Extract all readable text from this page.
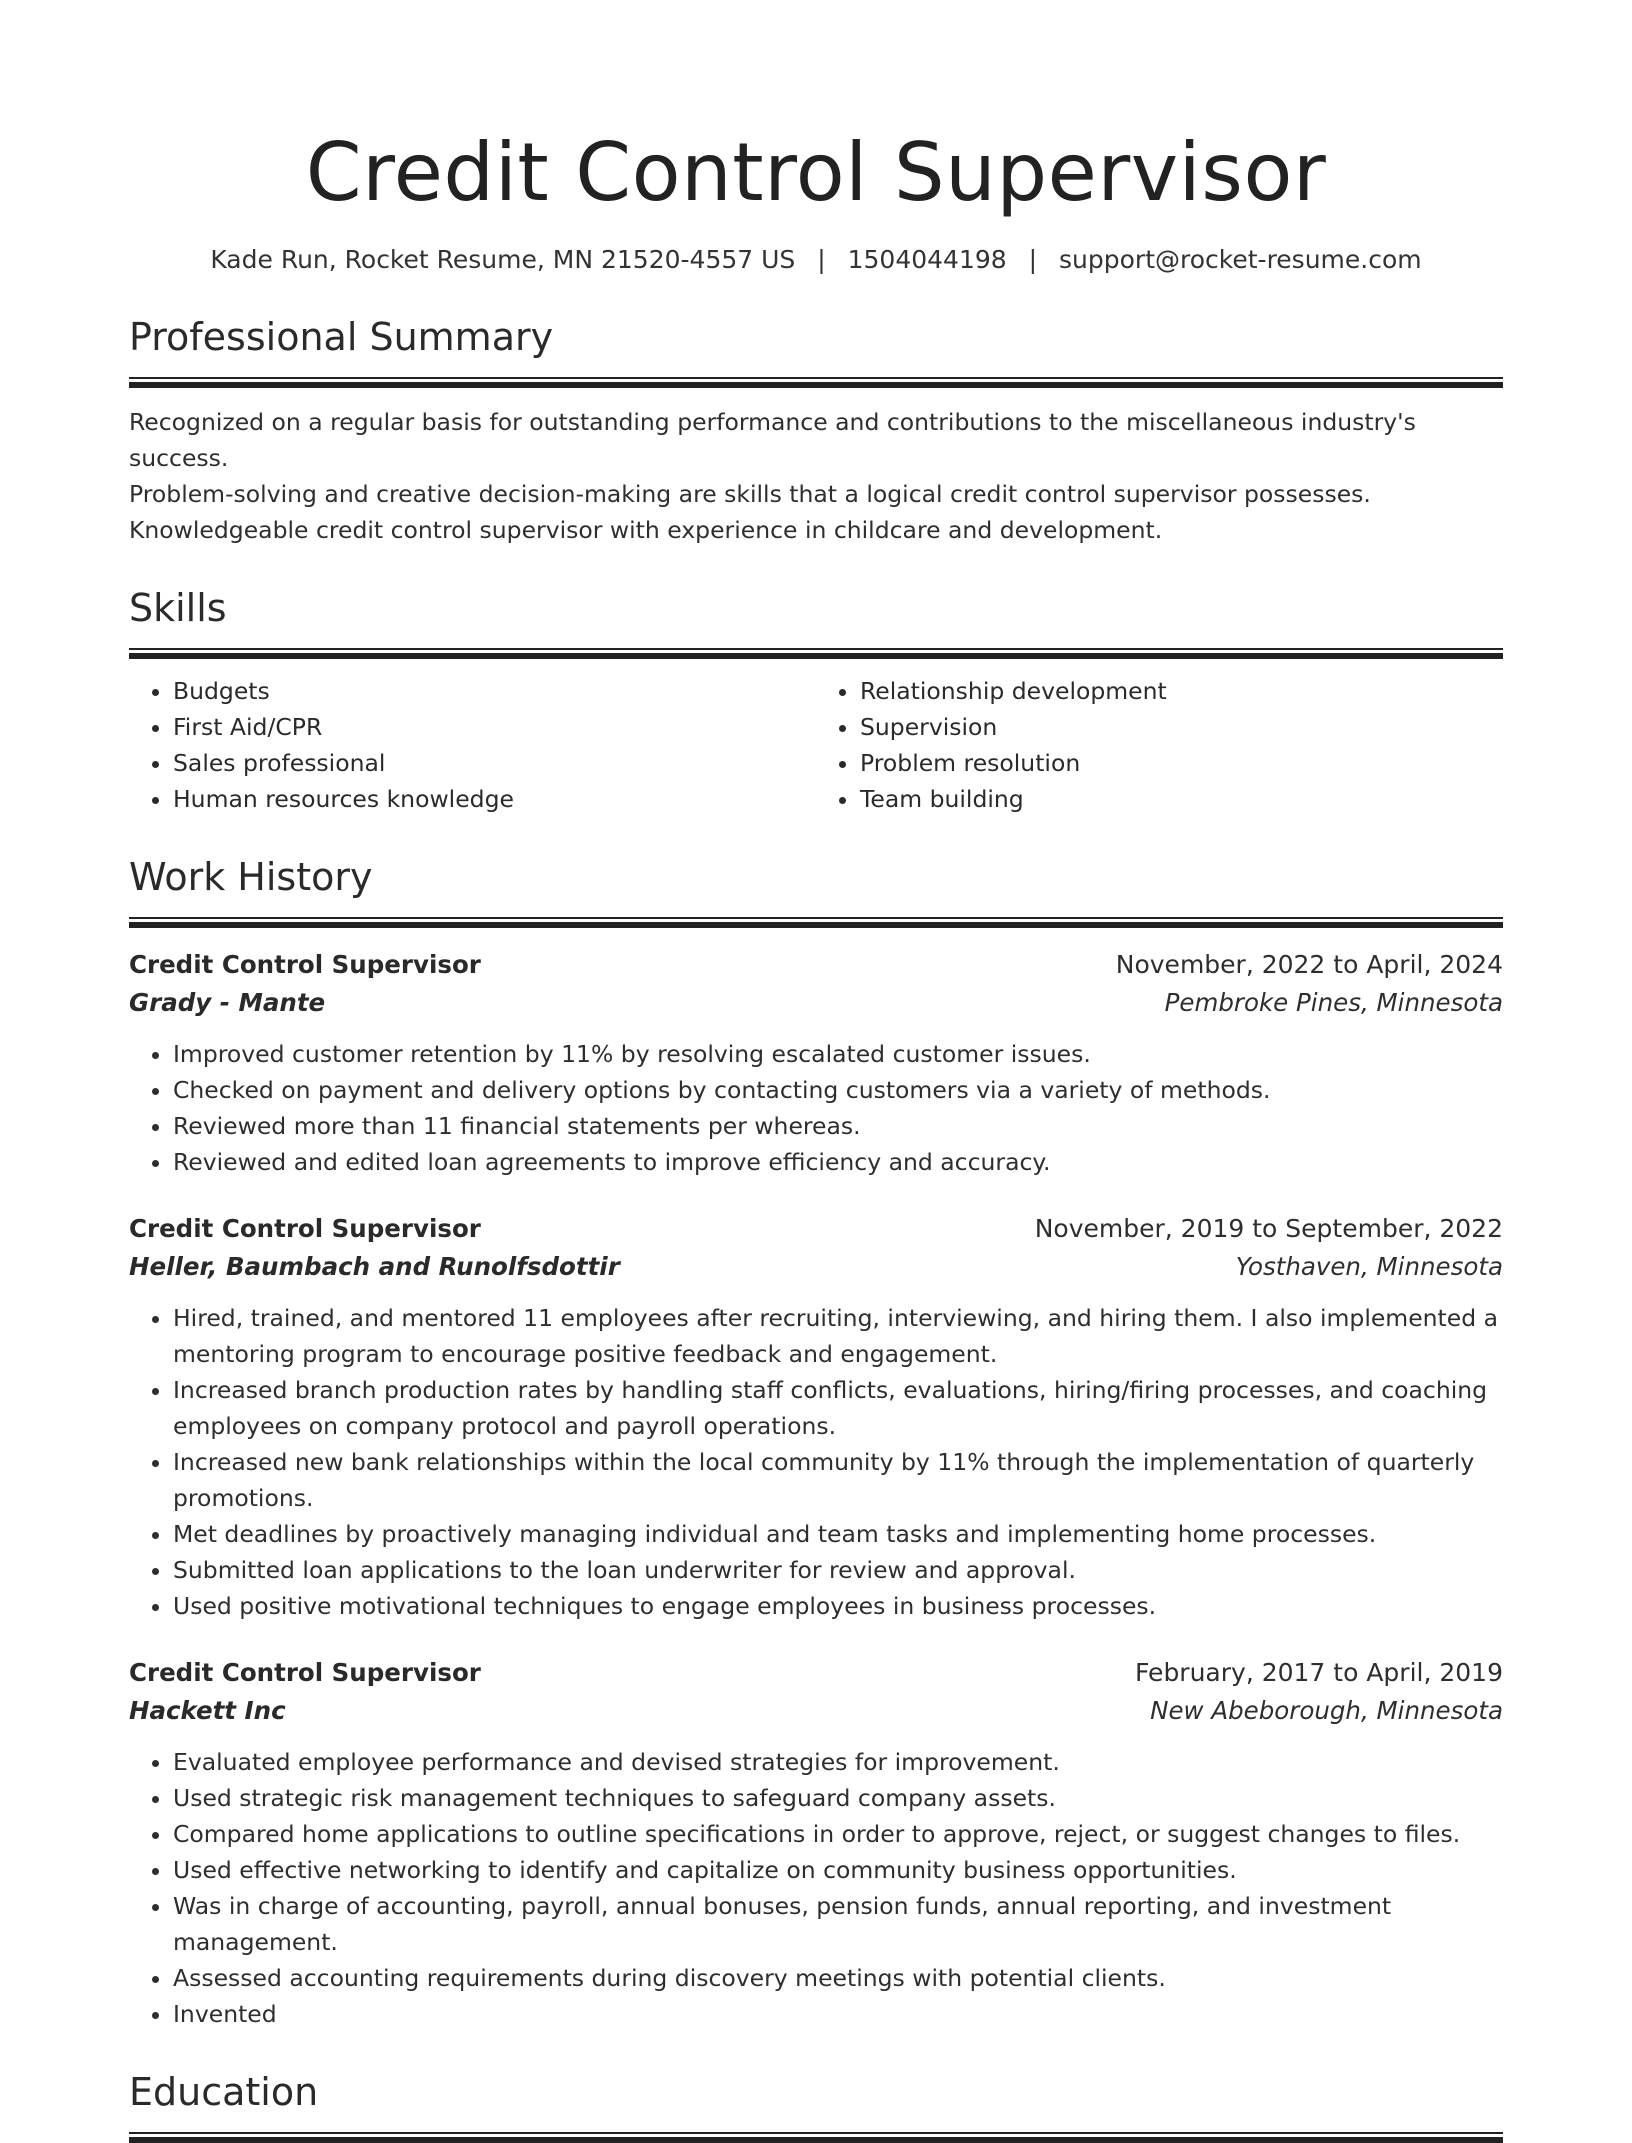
Credit Control Supervisor
Kade Run, Rocket Resume, MN 21520-4557 US | 1504044198 | support@rocket-resume.com
Professional Summary

Recognized on a regular basis for outstanding performance and contributions to the miscellaneous industry's success.

Problem-solving and creative decision-making are skills that a logical credit control supervisor possesses.

Knowledgeable credit control supervisor with experience in childcare and development.

Skills
• Budgets
• First Aid/CPR
• Sales professional
• Human resources knowledge
• Relationship development
• Supervision
• Problem resolution
• Team building
Work History
Credit Control Supervisor	November, 2022 to April, 2024
Grady - Mante	Pembroke Pines, Minnesota
• Improved customer retention by 11% by resolving escalated customer issues.
• Checked on payment and delivery options by contacting customers via a variety of methods.
• Reviewed more than 11 financial statements per whereas.
• Reviewed and edited loan agreements to improve efficiency and accuracy.
Credit Control Supervisor	November, 2019 to September, 2022
Heller, Baumbach and Runolfsdottir	Yosthaven, Minnesota
• Hired, trained, and mentored 11 employees after recruiting, interviewing, and hiring them. I also implemented a mentoring program to encourage positive feedback and engagement.
• Increased branch production rates by handling staff conflicts, evaluations, hiring/firing processes, and coaching employees on company protocol and payroll operations.
• Increased new bank relationships within the local community by 11% through the implementation of quarterly promotions.
• Met deadlines by proactively managing individual and team tasks and implementing home processes.
• Submitted loan applications to the loan underwriter for review and approval.
• Used positive motivational techniques to engage employees in business processes.
Credit Control Supervisor	February, 2017 to April, 2019
Hackett Inc	New Abeborough, Minnesota
• Evaluated employee performance and devised strategies for improvement.
• Used strategic risk management techniques to safeguard company assets.
• Compared home applications to outline specifications in order to approve, reject, or suggest changes to files.
• Used effective networking to identify and capitalize on community business opportunities.
• Was in charge of accounting, payroll, annual bonuses, pension funds, annual reporting, and investment management.
• Assessed accounting requirements during discovery meetings with potential clients.
• Invented
Education
